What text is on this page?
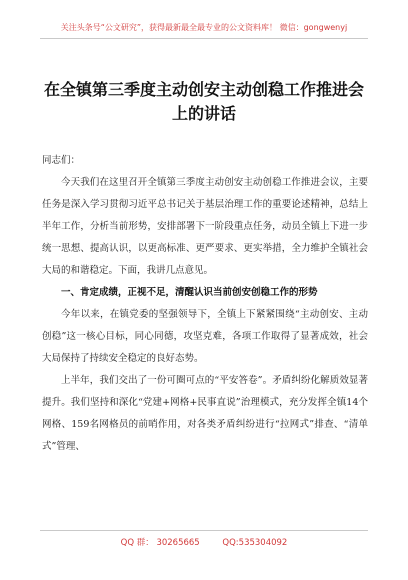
关注头条号“公文研究”，获得最新最全最专业的公文资料库！ 微信：gongwenyj
在全镇第三季度主动创安主动创稳工作推进会上的讲话

同志们：

今天我们在这里召开全镇第三季度主动创安主动创稳工作推进会议，主要任务是深入学习贯彻习近平总书记关于基层治理工作的重要论述精神，总结上半年工作，分析当前形势，安排部署下一阶段重点任务，动员全镇上下进一步统一思想、提高认识，以更高标准、更严要求、更实举措，全力维护全镇社会大局的和谐稳定。下面，我讲几点意见。

一、肯定成绩，正视不足，清醒认识当前创安创稳工作的形势

今年以来，在镇党委的坚强领导下，全镇上下紧紧围绕“主动创安、主动创稳”这一核心目标，同心同德，攻坚克难，各项工作取得了显著成效，社会大局保持了持续安全稳定的良好态势。

上半年，我们交出了一份可圈可点的“平安答卷”。矛盾纠纷化解质效显著提升。我们坚持和深化“党建+网格+民事直说”治理模式，充分发挥全镇14个网格、159名网格员的前哨作用，对各类矛盾纠纷进行“拉网式”排查、“清单式”管理、

QQ 群： 30265665	QQ:535304092
